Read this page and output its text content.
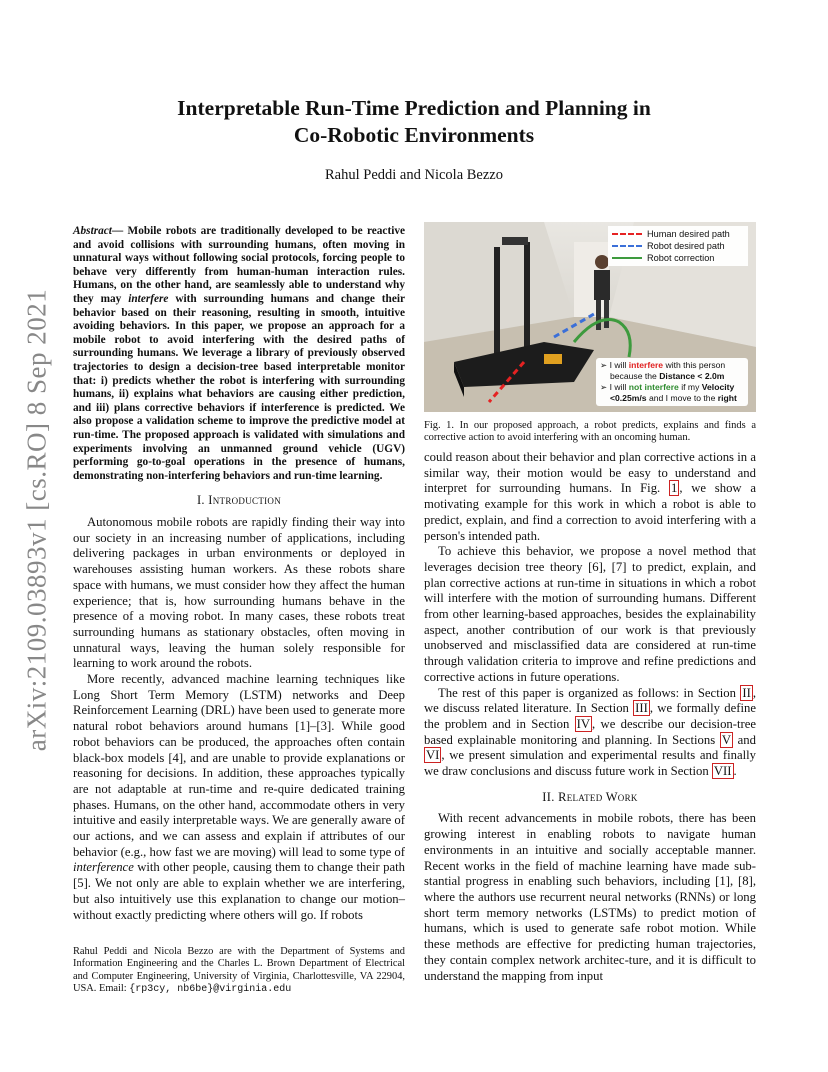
arXiv:2109.03893v1 [cs.RO] 8 Sep 2021
Interpretable Run-Time Prediction and Planning in
Co-Robotic Environments
Rahul Peddi and Nicola Bezzo

Abstract— Mobile robots are traditionally developed to be reactive and avoid collisions with surrounding humans, often moving in unnatural ways without following social protocols, forcing people to behave very differently from human-human interaction rules. Humans, on the other hand, are seamlessly able to understand why they may interfere with surrounding humans and change their behavior based on their reasoning, resulting in smooth, intuitive avoiding behaviors. In this paper, we propose an approach for a mobile robot to avoid interfering with the desired paths of surrounding humans. We leverage a library of previously observed trajectories to design a decision-tree based interpretable monitor that: i) predicts whether the robot is interfering with surrounding humans, ii) explains what behaviors are causing either prediction, and iii) plans corrective behaviors if interference is predicted. We also propose a validation scheme to improve the predictive model at run-time. The proposed approach is validated with simulations and experiments involving an unmanned ground vehicle (UGV) performing go-to-goal operations in the presence of humans, demonstrating non-interfering behaviors and run-time learning.

I. Introduction

Autonomous mobile robots are rapidly finding their way into our society in an increasing number of applications, including delivering packages in urban environments or deployed in warehouses assisting human workers. As these robots share space with humans, we must consider how they affect the human experience; that is, how surrounding humans behave in the presence of a moving robot. In many cases, these robots treat surrounding humans as stationary obstacles, often moving in unnatural ways, leaving the human solely responsible for learning to work around the robots.

More recently, advanced machine learning techniques like Long Short Term Memory (LSTM) networks and Deep Reinforcement Learning (DRL) have been used to generate more natural robot behaviors around humans [1]–[3]. While good robot behaviors can be produced, the approaches often contain black-box models [4], and are unable to provide explanations or reasoning for decisions. In addition, these approaches typically are not adaptable at run-time and re-quire dedicated training phases. Humans, on the other hand, accommodate others in very intuitive and easily interpretable ways. We are generally aware of our actions, and we can assess and explain if attributes of our behavior (e.g., how fast we are moving) will lead to some type of interference with other people, causing them to change their path [5]. We not only are able to explain whether we are interfering, but also intuitively use this explanation to change our motion–without exactly predicting where others will go. If robots

Rahul Peddi and Nicola Bezzo are with the Department of Systems and Information Engineering and the Charles L. Brown Department of Electrical and Computer Engineering, University of Virginia, Charlottesville, VA 22904, USA. Email: {rp3cy, nb6be}@virginia.edu
Human desired path
Robot desired path
Robot correction
➢ I will interfere with this person
because the Distance < 2.0m
➢ I will not interfere if my Velocity
<0.25m/s and I move to the right
Fig. 1. In our proposed approach, a robot predicts, explains and finds a corrective action to avoid interfering with an oncoming human.

could reason about their behavior and plan corrective actions in a similar way, their motion would be easy to understand and interpret for surrounding humans. In Fig. 1 , we show a motivating example for this work in which a robot is able to predict, explain, and find a correction to avoid interfering with a person's intended path.

To achieve this behavior, we propose a novel method that leverages decision tree theory [6], [7] to predict, explain, and plan corrective actions at run-time in situations in which a robot will interfere with the motion of surrounding humans. Different from other learning-based approaches, besides the explainability aspect, another contribution of our work is that previously unobserved and misclassified data are considered at run-time through validation criteria to improve and refine predictions and corrective actions in future operations.

The rest of this paper is organized as follows: in Section II , we discuss related literature. In Section III , we formally define the problem and in Section IV , we describe our decision-tree based explainable monitoring and planning. In Sections V and VI , we present simulation and experimental results and finally we draw conclusions and discuss future work in Section VII .

II. Related Work

With recent advancements in mobile robots, there has been growing interest in enabling robots to navigate human environments in an intuitive and socially acceptable manner. Recent works in the field of machine learning have made sub-stantial progress in enabling such behaviors, including [1], [8], where the authors use recurrent neural networks (RNNs) or long short term memory networks (LSTMs) to predict motion of humans, which is used to generate safe robot motion. While these methods are effective for predicting human trajectories, they contain complex network architec-ture, and it is difficult to understand the mapping from input
